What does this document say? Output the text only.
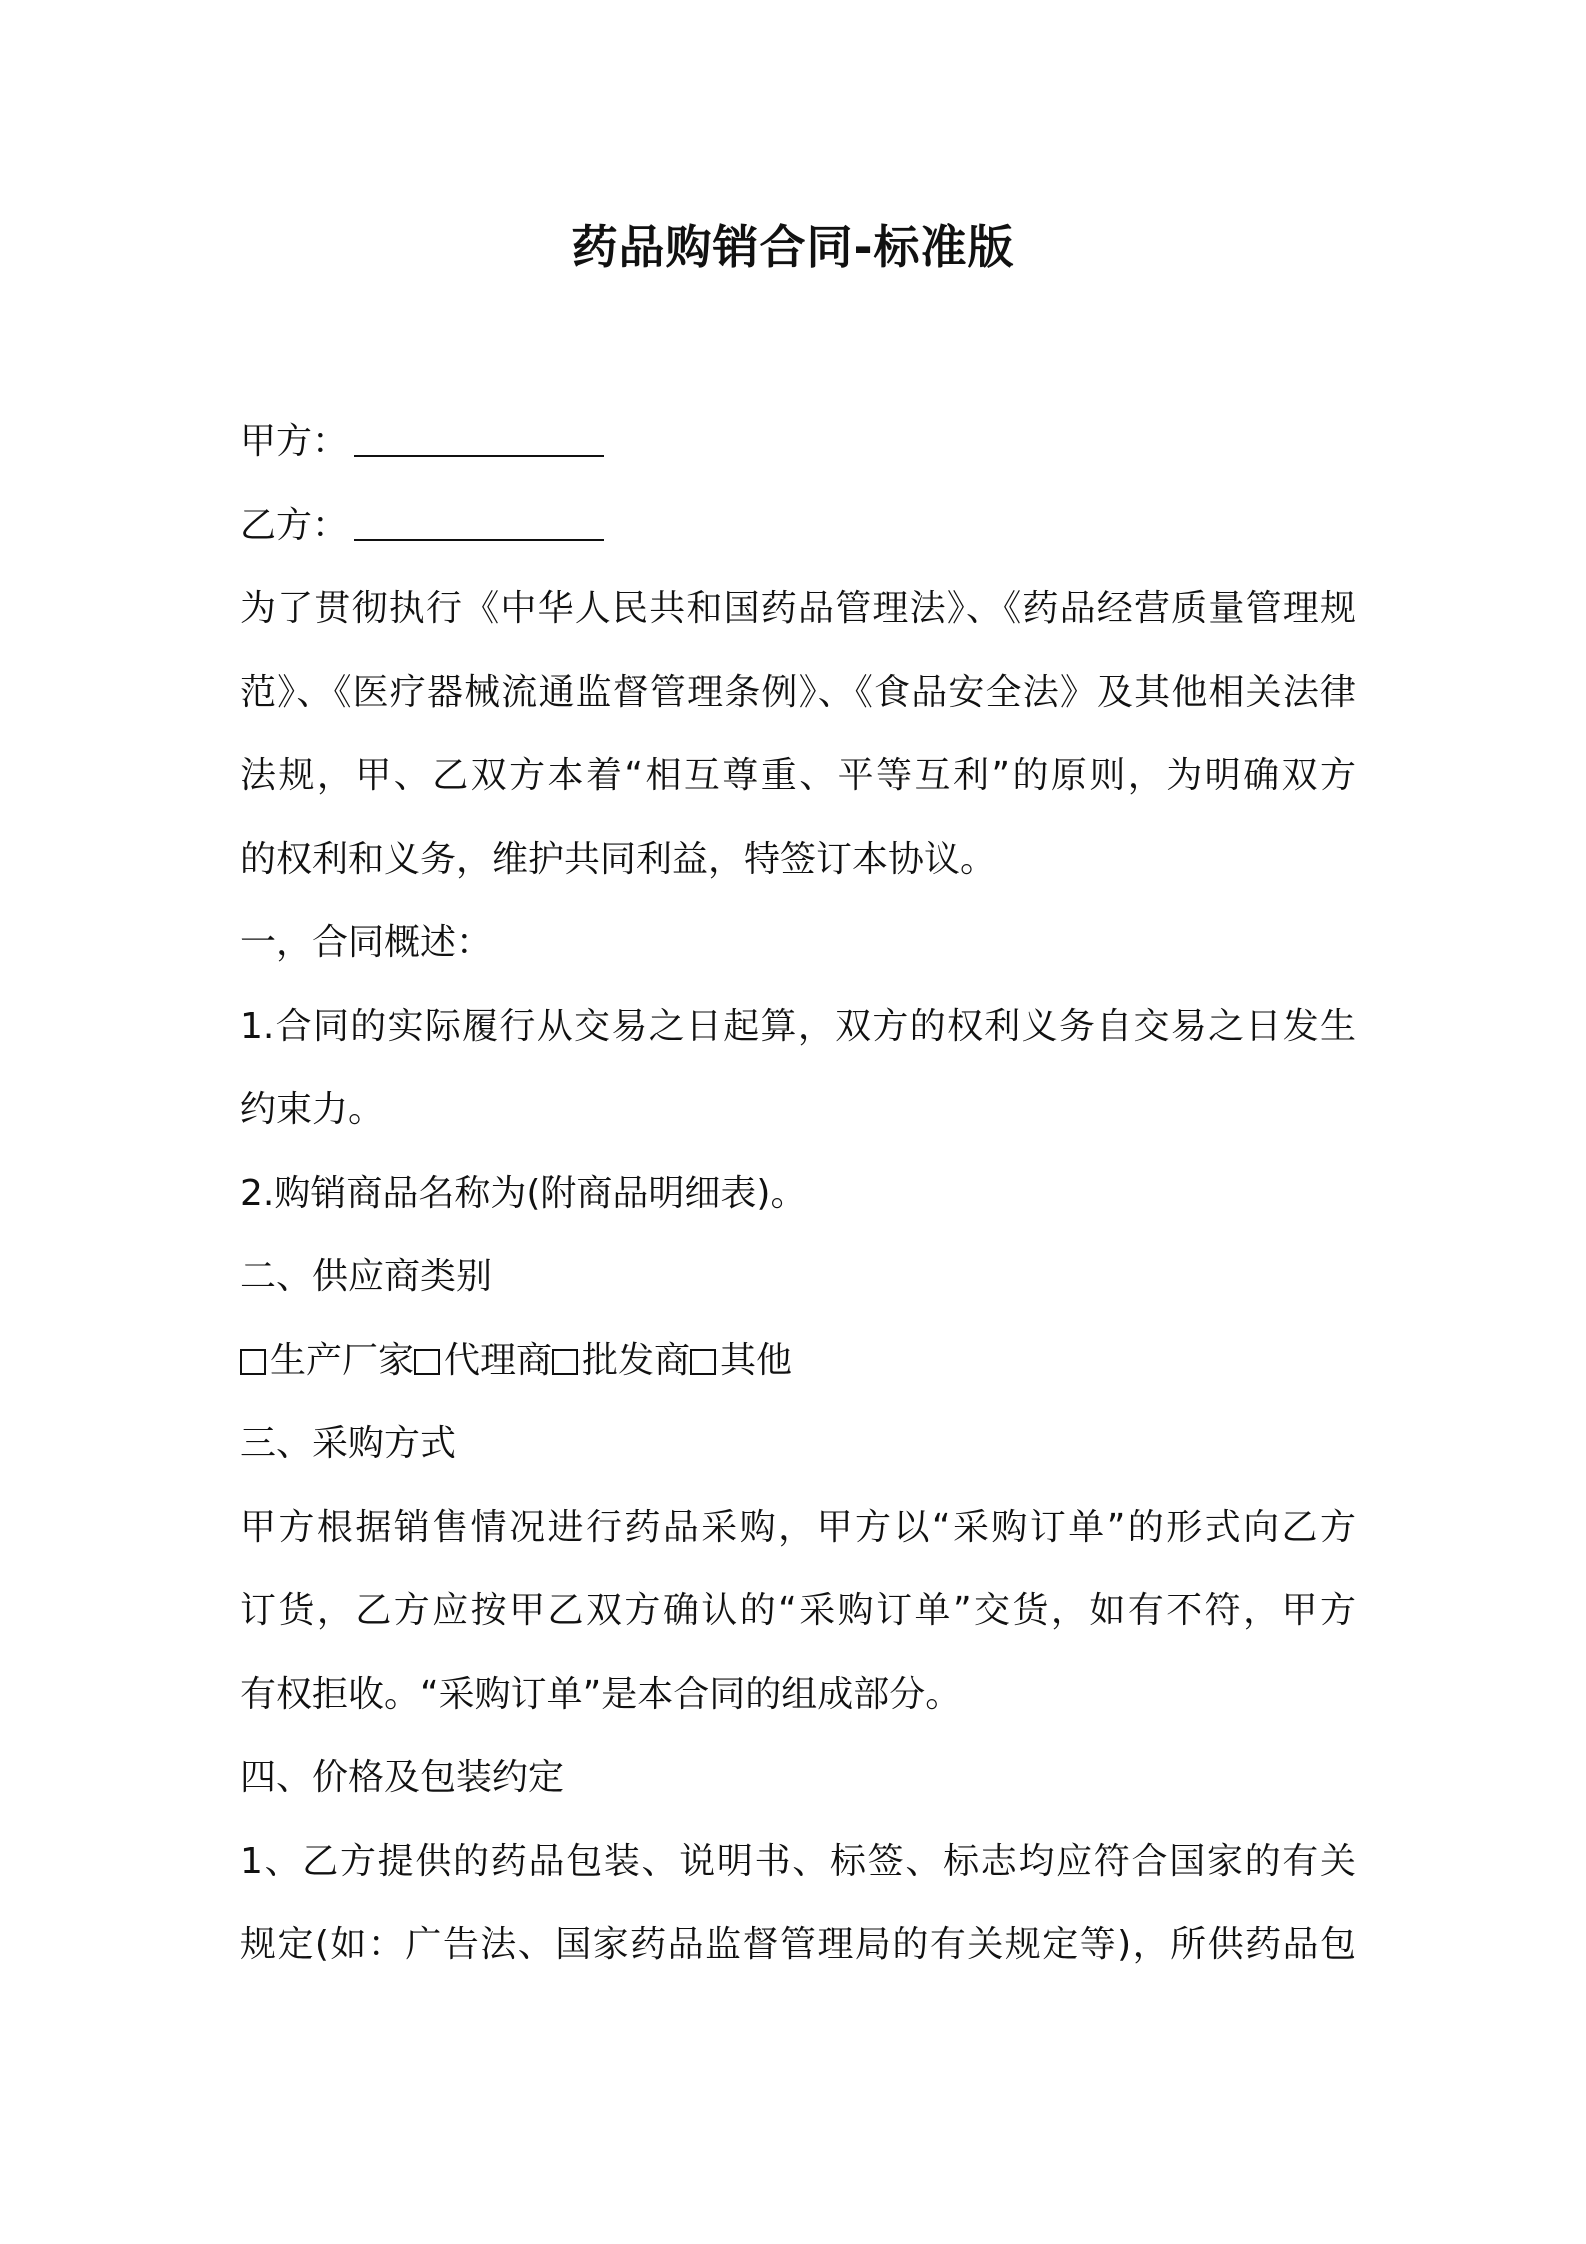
药品购销合同-标准版
甲方：
乙方：
为了贯彻执行《中华人民共和国药品管理法》、《药品经营质量管理规
范》、《医疗器械流通监督管理条例》、《食品安全法》及其他相关法律
法规，甲、乙双方本着“相互尊重、平等互利”的原则，为明确双方
的权利和义务，维护共同利益，特签订本协议。
一，合同概述：
1.合同的实际履行从交易之日起算，双方的权利义务自交易之日发生
约束力。
2.购销商品名称为(附商品明细表)。
二、供应商类别
生产厂家 代理商 批发商 其他
三、采购方式
甲方根据销售情况进行药品采购，甲方以“采购订单”的形式向乙方
订货，乙方应按甲乙双方确认的“采购订单”交货，如有不符，甲方
有权拒收。“采购订单”是本合同的组成部分。
四、价格及包装约定
1、乙方提供的药品包装、说明书、标签、标志均应符合国家的有关
规定(如：广告法、国家药品监督管理局的有关规定等)，所供药品包
